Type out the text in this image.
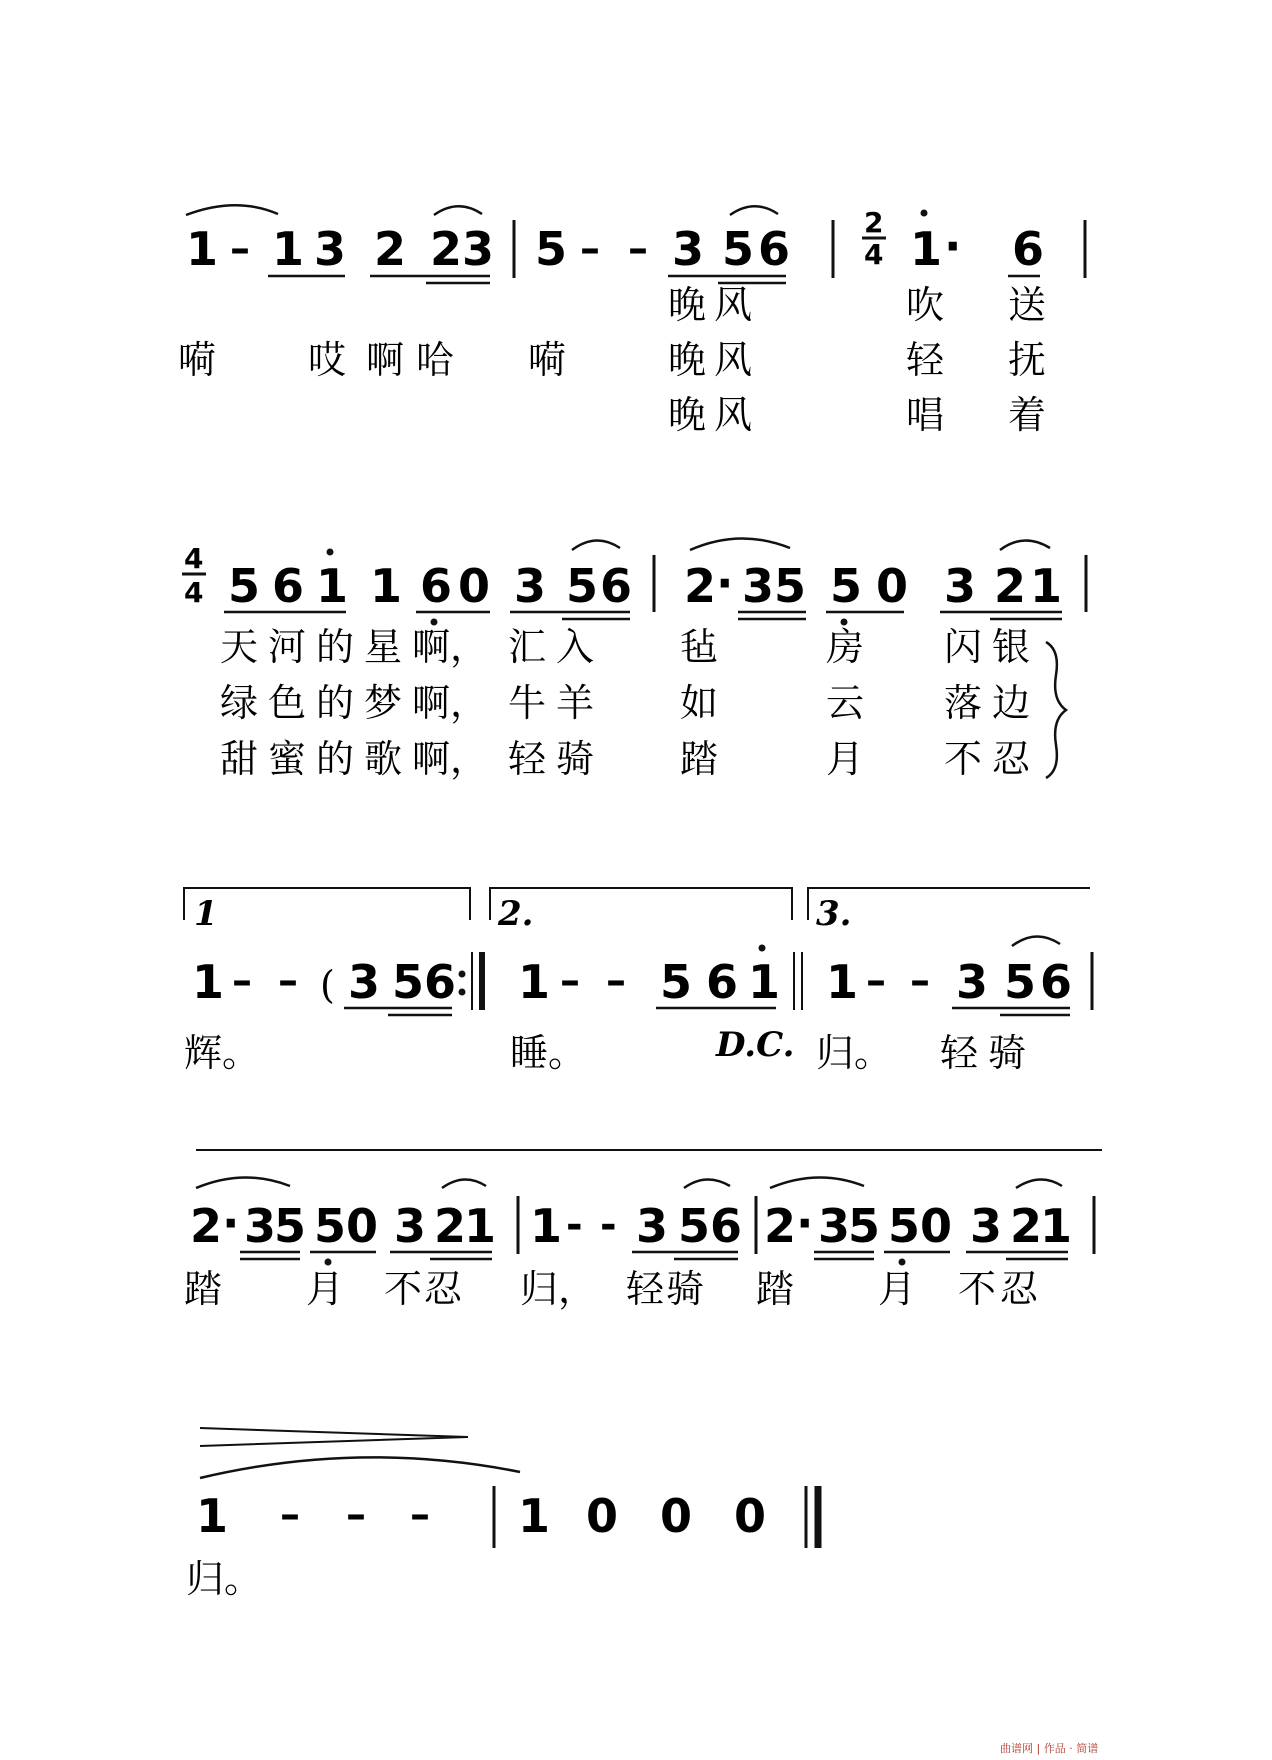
1 – 1 3 2 2 3 5 – – 3 5 6	2
4 1 · 6
晚 风	吹 送
嗬 哎 啊 哈 嗬	晚 风	轻 抚
晚 风	唱 着
4
4 5 6 1 1 6 0 3 5 6 2 · 3 5 5 0 3 2 1
天 河 的 星 啊， 汇 入 毡	房 闪 银
绿 色 的 梦 啊， 牛 羊 如	云 落 边
甜 蜜 的 歌 啊， 轻 骑 踏	月 不 忍
1	2.	3.
1 – – ( 3 5 6 1 – – 5 6 1 1 – – 3 5 6
辉。	睡。	D.C. 归。 轻 骑
2 · 3
5 5 0 3 2
1 1 - - 3 5 6 2 · 3
5 5 0 3 2
1
踏 月 不 忍 归， 轻 骑 踏 月 不 忍
1 – – – 1 0 0 0
归。
曲谱网 | 作品 · 简谱
